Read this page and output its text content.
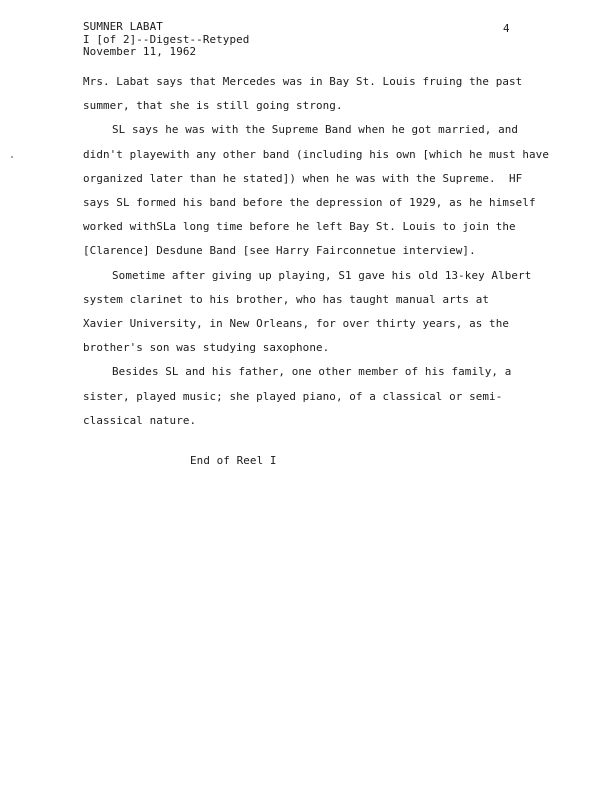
SUMNER LABAT
I [of 2]--Digest--Retyped
November 11, 1962
4

Mrs. Labat says that Mercedes was in Bay St. Louis fruing the past
summer, that she is still going strong.

SL says he was with the Supreme Band when he got married, and
didn't playewith any other band (including his own [which he must have
organized later than he stated]) when he was with the Supreme.  HF
says SL formed his band before the depression of 1929, as he himself
worked withSLa long time before he left Bay St. Louis to join the
[Clarence] Desdune Band [see Harry Fairconnetue interview].

Sometime after giving up playing, S1 gave his old 13-key Albert
system clarinet to his brother, who has taught manual arts at
Xavier University, in New Orleans, for over thirty years, as the
brother's son was studying saxophone.

Besides SL and his father, one other member of his family, a
sister, played music; she played piano, of a classical or semi-
classical nature.

End of Reel I
